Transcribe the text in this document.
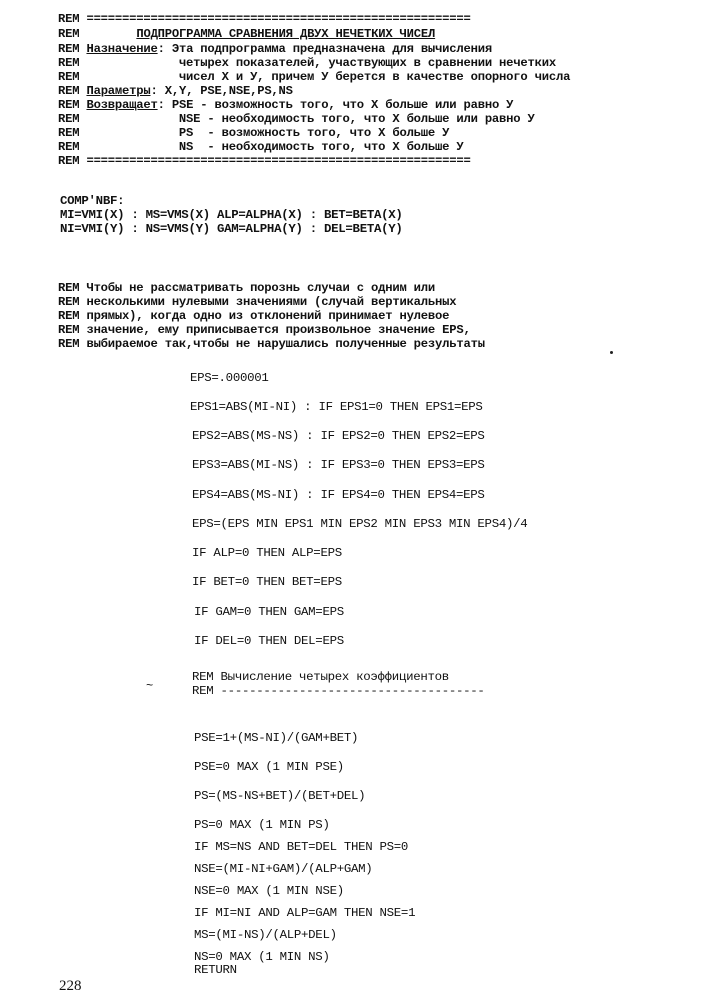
REM ======================================================
REM	ПОДПРОГРАММА СРАВНЕНИЯ ДВУХ НЕЧЕТКИХ ЧИСЕЛ
REM Назначение: Эта подпрограмма предназначена для вычисления
REM              четырех показателей, участвующих в сравнении нечетких
REM              чисел Х и У, причем У берется в качестве опорного числа
REM Параметры: X,Y, PSE,NSE,PS,NS
REM Возвращает: PSE - возможность того, что Х больше или равно У
REM              NSE - необходимость того, что Х больше или равно У
REM              PS  - возможность того, что Х больше У
REM              NS  - необходимость того, что Х больше У
REM ======================================================
COMP'NBF:
MI=VMI(X) : MS=VMS(X) ALP=ALPHA(X) : BET=BETA(X)
NI=VMI(Y) : NS=VMS(Y) GAM=ALPHA(Y) : DEL=BETA(Y)
REM Чтобы не рассматривать порознь случаи с одним или
REM несколькими нулевыми значениями (случай вертикальных
REM прямых), когда одно из отклонений принимает нулевое
REM значение, ему приписывается произвольное значение EPS,
REM выбираемое так,чтобы не нарушались полученные результаты
EPS=.000001
EPS1=ABS(MI-NI) : IF EPS1=0 THEN EPS1=EPS
EPS2=ABS(MS-NS) : IF EPS2=0 THEN EPS2=EPS
EPS3=ABS(MI-NS) : IF EPS3=0 THEN EPS3=EPS
EPS4=ABS(MS-NI) : IF EPS4=0 THEN EPS4=EPS
EPS=(EPS MIN EPS1 MIN EPS2 MIN EPS3 MIN EPS4)/4
IF ALP=0 THEN ALP=EPS
IF BET=0 THEN BET=EPS
IF GAM=0 THEN GAM=EPS
IF DEL=0 THEN DEL=EPS
~
REM Вычисление четырех коэффициентов
REM -------------------------------------
PSE=1+(MS-NI)/(GAM+BET)
PSE=0 MAX (1 MIN PSE)
PS=(MS-NS+BET)/(BET+DEL)
PS=0 MAX (1 MIN PS)
IF MS=NS AND BET=DEL THEN PS=0
NSE=(MI-NI+GAM)/(ALP+GAM)
NSE=0 MAX (1 MIN NSE)
IF MI=NI AND ALP=GAM THEN NSE=1
MS=(MI-NS)/(ALP+DEL)
NS=0 MAX (1 MIN NS)
RETURN
228
